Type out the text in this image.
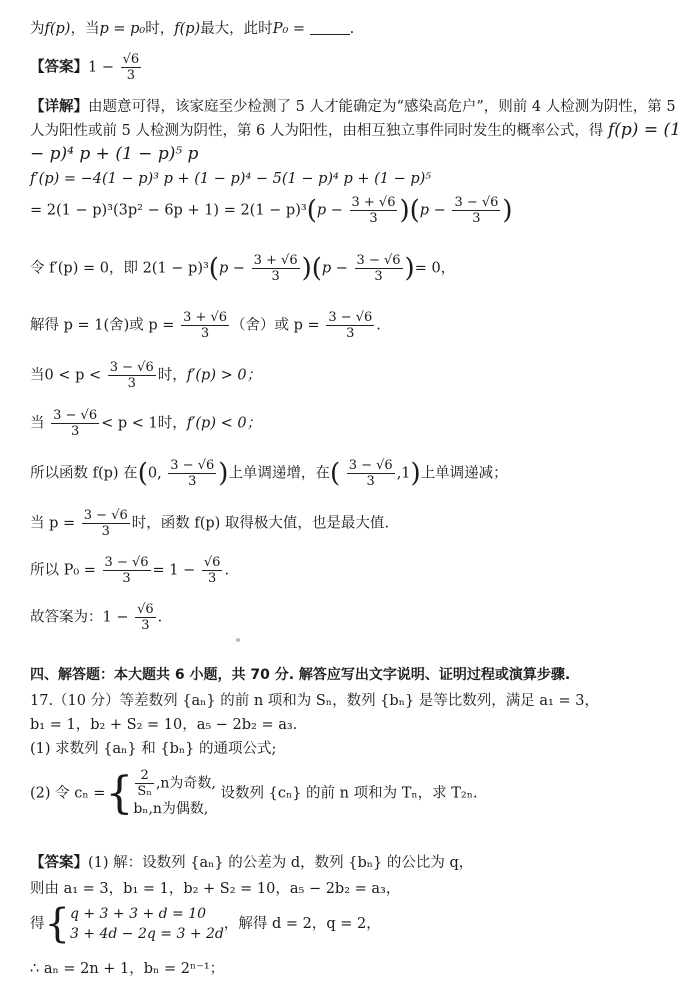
为f(p)，当p = p₀时，f(p)最大，此时P₀ =	.
【答案】$1 - \frac{√6}{3}$
【详解】由题意可得，该家庭至少检测了 5 人才能确定为“感染高危户”，则前 4 人检测为阴性，第 5 人为阳性或前 5 人检测为阴性，第 6 人为阳性，由相互独立事件同时发生的概率公式，得 f(p) = (1 − p)⁴ p + (1 − p)⁵ p
f′(p) = −4(1 − p)³ p + (1 − p)⁴ − 5(1 − p)⁴ p + (1 − p)⁵
= $2(1 - p)^3(3p^2 - 6p + 1) = 2(1 - p)^3(p - \frac{3 + √6}{3} )(p - \frac{3 - √6}{3}$ )
令 f′(p) = 0，即 $2(1 - p)^3(p - \frac{3 + √6}{3} )(p - \frac{3 - √6}{3}$ )= 0，
解得 p = 1(舍)或 $p = \frac{3 + √6}{3}$ （舍）或 $p = \frac{3 - √6}{3}$ .
当$0 < p < \frac{3 - √6}{3}$ 时，f′(p) > 0；
当 $\frac{3 - √6}{3} < p < 1$时，f′(p) < 0；
所以函数 f(p) 在(0, $\frac{3 - √6}{3}$ )上单调递增，在( $\frac{3 - √6}{3} ,1$)上单调递减；
当 $p = \frac{3 - √6}{3}$ 时，函数 f(p) 取得极大值，也是最大值.
所以 $P_0 = \frac{3 - √6}{3} = 1 - \frac{√6}{3}$ .
故答案为：$1 - \frac{√6}{3}$ .
四、解答题：本大题共 6 小题，共 70 分. 解答应写出文字说明、证明过程或演算步骤.
17.（10 分）等差数列 {aₙ} 的前 n 项和为 Sₙ，数列 {bₙ} 是等比数列，满足 a₁ = 3，
b₁ = 1，b₂ + S₂ = 10，a₅ − 2b₂ = a₃.
(1) 求数列 {aₙ} 和 {bₙ} 的通项公式;
(2) 令 cₙ ={ $\frac{2}{\text{Sₙ}} ,n$为奇数,
bₙ,n为偶数,
设数列 {cₙ} 的前 n 项和为 Tₙ，求 T₂ₙ.
【答案】(1) 解：设数列 {aₙ} 的公差为 d，数列 {bₙ} 的公比为 q，
则由 a₁ = 3，b₁ = 1，b₂ + S₂ = 10，a₅ − 2b₂ = a₃，
得{ q + 3 + 3 + d = 10
3 + 4d − 2q = 3 + 2d
，解得 d = 2，q = 2，
∴ aₙ = 2n + 1，bₙ = 2ⁿ⁻¹；
